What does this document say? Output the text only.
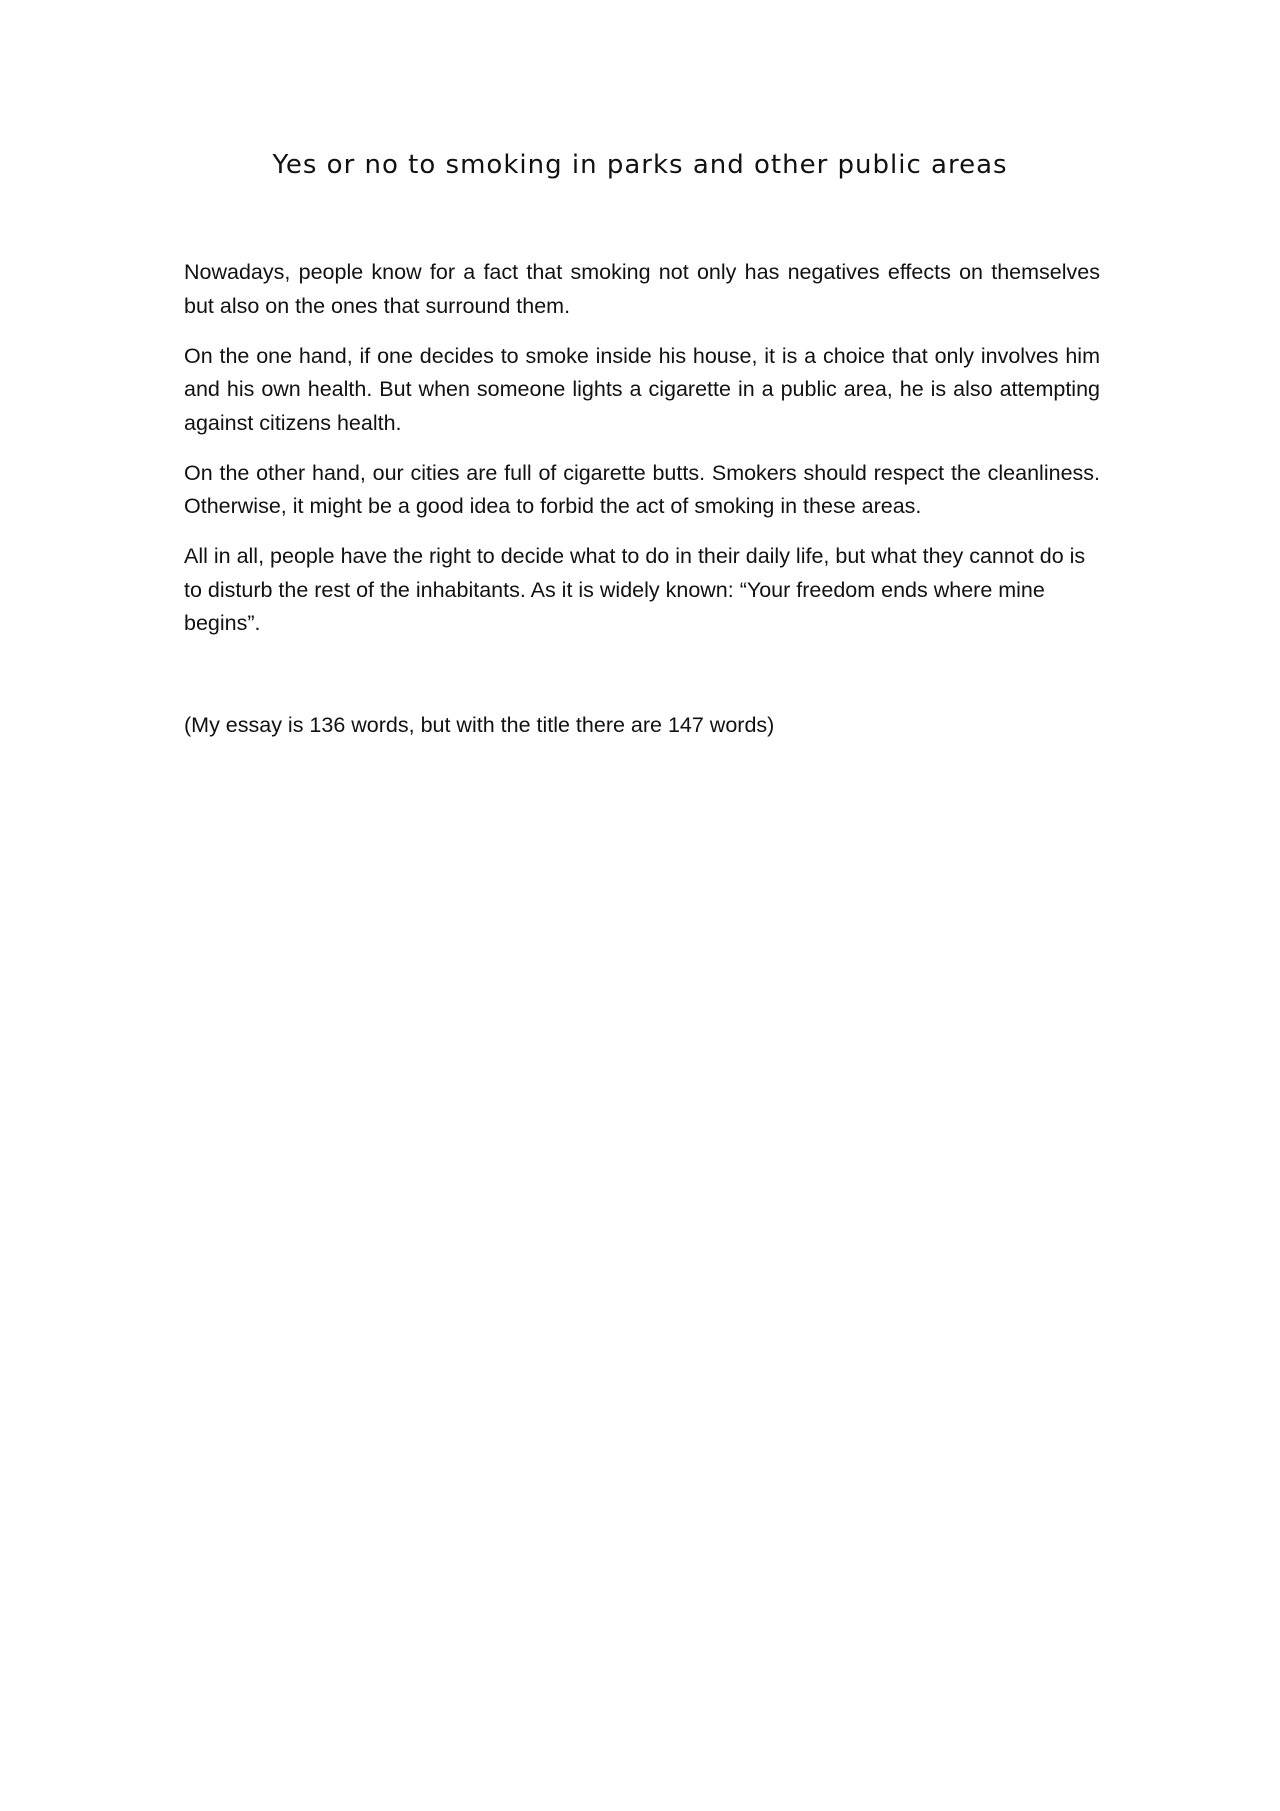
Yes or no to smoking in parks and other public areas

Nowadays, people know for a fact that smoking not only has negatives effects on themselves but also on the ones that surround them.

On the one hand, if one decides to smoke inside his house, it is a choice that only involves him and his own health. But when someone lights a cigarette in a public area, he is also attempting against citizens health.

On the other hand, our cities are full of cigarette butts. Smokers should respect the cleanliness. Otherwise, it might be a good idea to forbid the act of smoking in these areas.

All in all, people have the right to decide what to do in their daily life, but what they cannot do is to disturb the rest of the inhabitants. As it is widely known: “Your freedom ends where mine begins”.

(My essay is 136 words, but with the title there are 147 words)
